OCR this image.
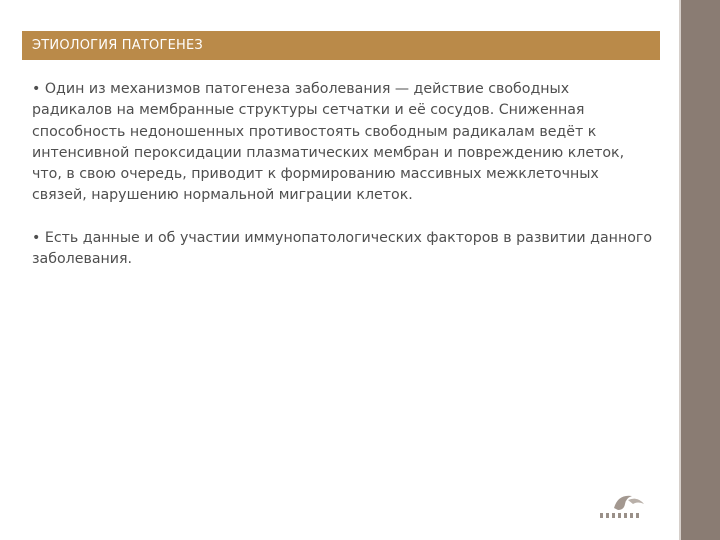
ЭТИОЛОГИЯ ПАТОГЕНЕЗ

• Один из механизмов патогенеза заболевания — действие свободных

радикалов на мембранные структуры сетчатки и её сосудов. Сниженная

способность недоношенных противостоять свободным радикалам ведёт к

интенсивной пероксидации плазматических мембран и повреждению клеток,

что, в свою очередь, приводит к формированию массивных межклеточных

связей, нарушению нормальной миграции клеток.

• Есть данные и об участии иммунопатологических факторов в развитии данного

заболевания.
